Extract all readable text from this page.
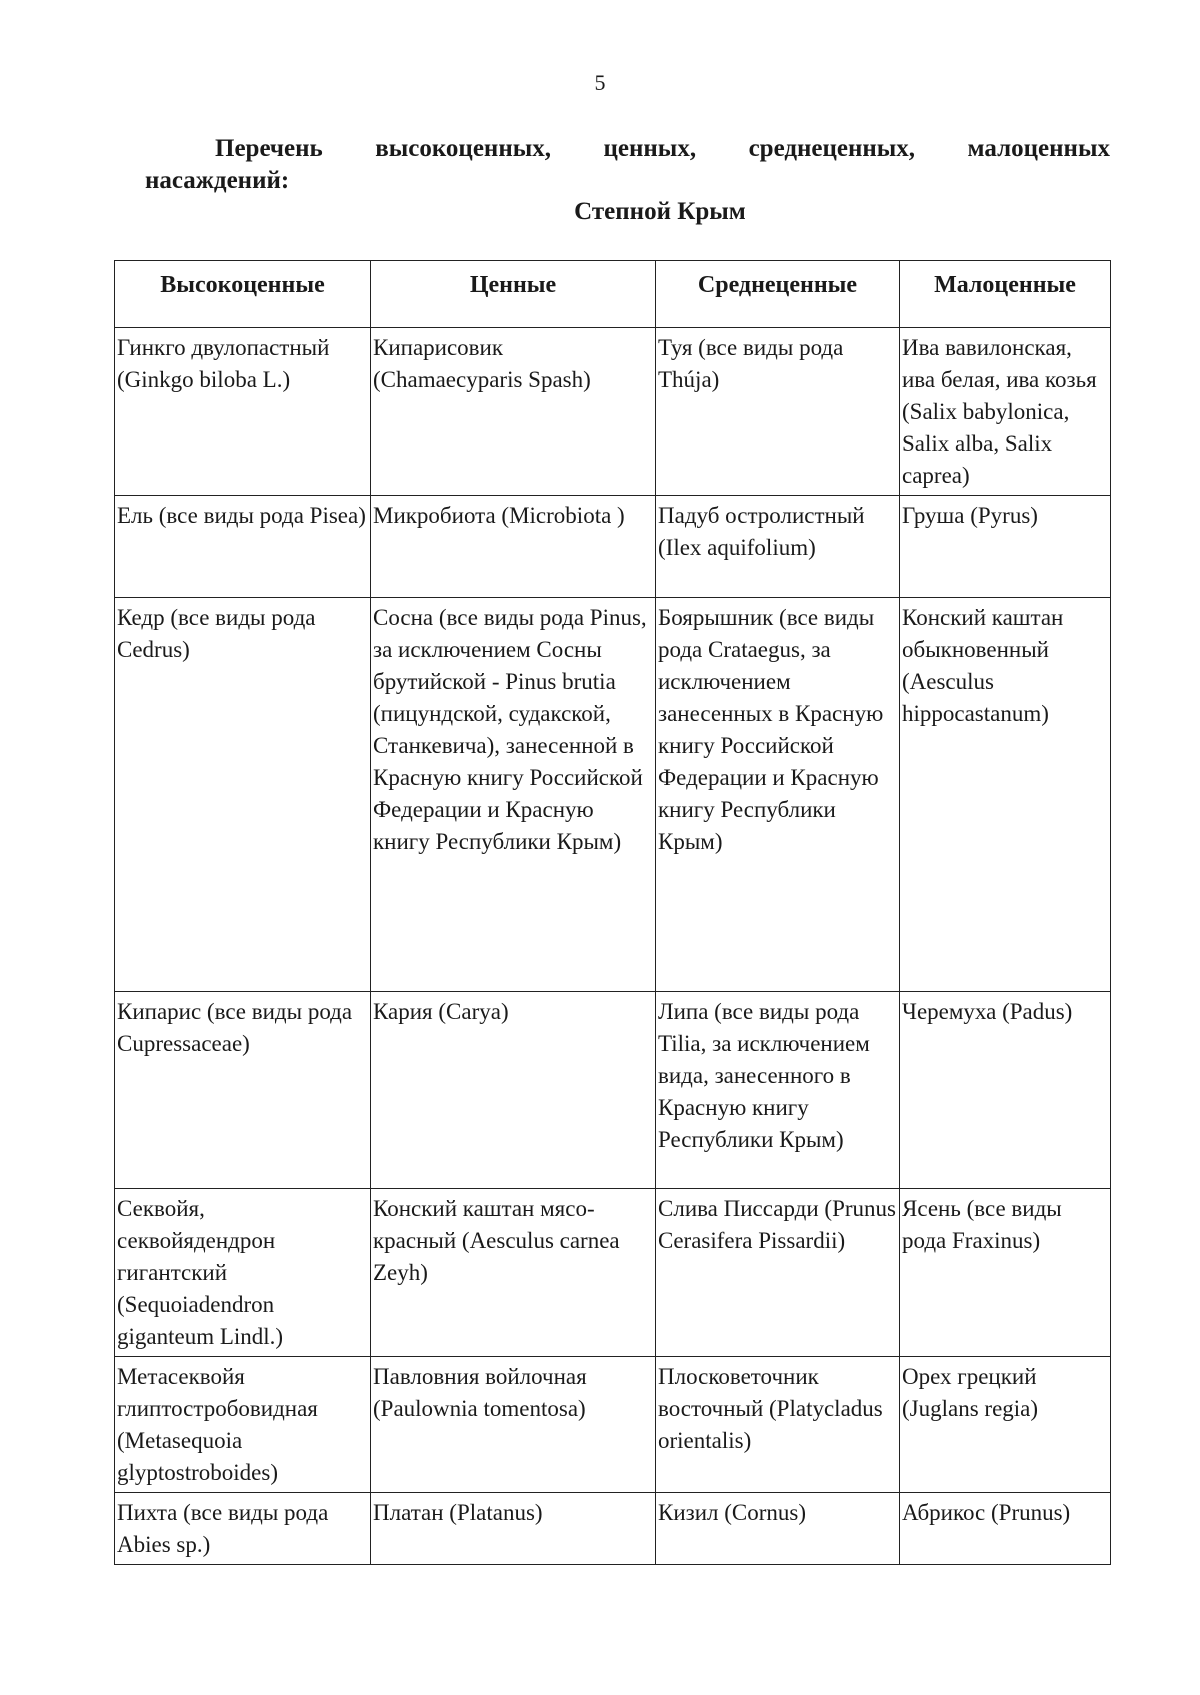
5
Перечень высокоценных, ценных, среднеценных, малоценных
насаждений:
Степной Крым
Высокоценные	Ценные	Среднеценные	Малоценные
Гинкго двулопастный (Ginkgo biloba L.)	Кипарисовик (Chamaecyparis Spash)	Туя (все виды рода Thúja)	Ива вавилонская, ива белая, ива козья (Salix babylonica, Salix alba, Salix caprea)
Ель (все виды рода Pisea)	Микробиота (Microbiota )	Падуб остролистный (Ilex aquifolium)	Груша (Pyrus)
Кедр (все виды рода Cedrus)	Сосна (все виды рода Pinus, за исключением Сосны брутийской - Pinus brutia (пицундской, судакской, Станкевича), занесенной в Красную книгу Российской Федерации и Красную книгу Республики Крым)	Боярышник (все виды рода Crataegus, за исключением занесенных в Красную книгу Российской Федерации и Красную книгу Республики Крым)	Конский каштан обыкновенный (Aesculus hippocastanum)
Кипарис (все виды рода Cupressaceae)	Кария (Carya)	Липа (все виды рода Tilia, за исключением вида, занесенного в Красную книгу Республики Крым)	Черемуха (Padus)
Секвойя, секвойядендрон гигантский (Sequoiadendron giganteum Lindl.)	Конский каштан мясо-красный (Aesculus carnea Zeyh)	Слива Писсарди (Prunus Cerasifera Pissardii)	Ясень (все виды рода Fraxinus)
Метасеквойя глиптостробовидная (Metasequoia glyptostroboides)	Павловния войлочная (Paulownia tomentosa)	Плосковеточник восточный (Platycladus orientalis)	Орех грецкий (Juglans regia)
Пихта (все виды рода Abies sp.)	Платан (Platanus)	Кизил (Cornus)	Абрикос (Prunus)
